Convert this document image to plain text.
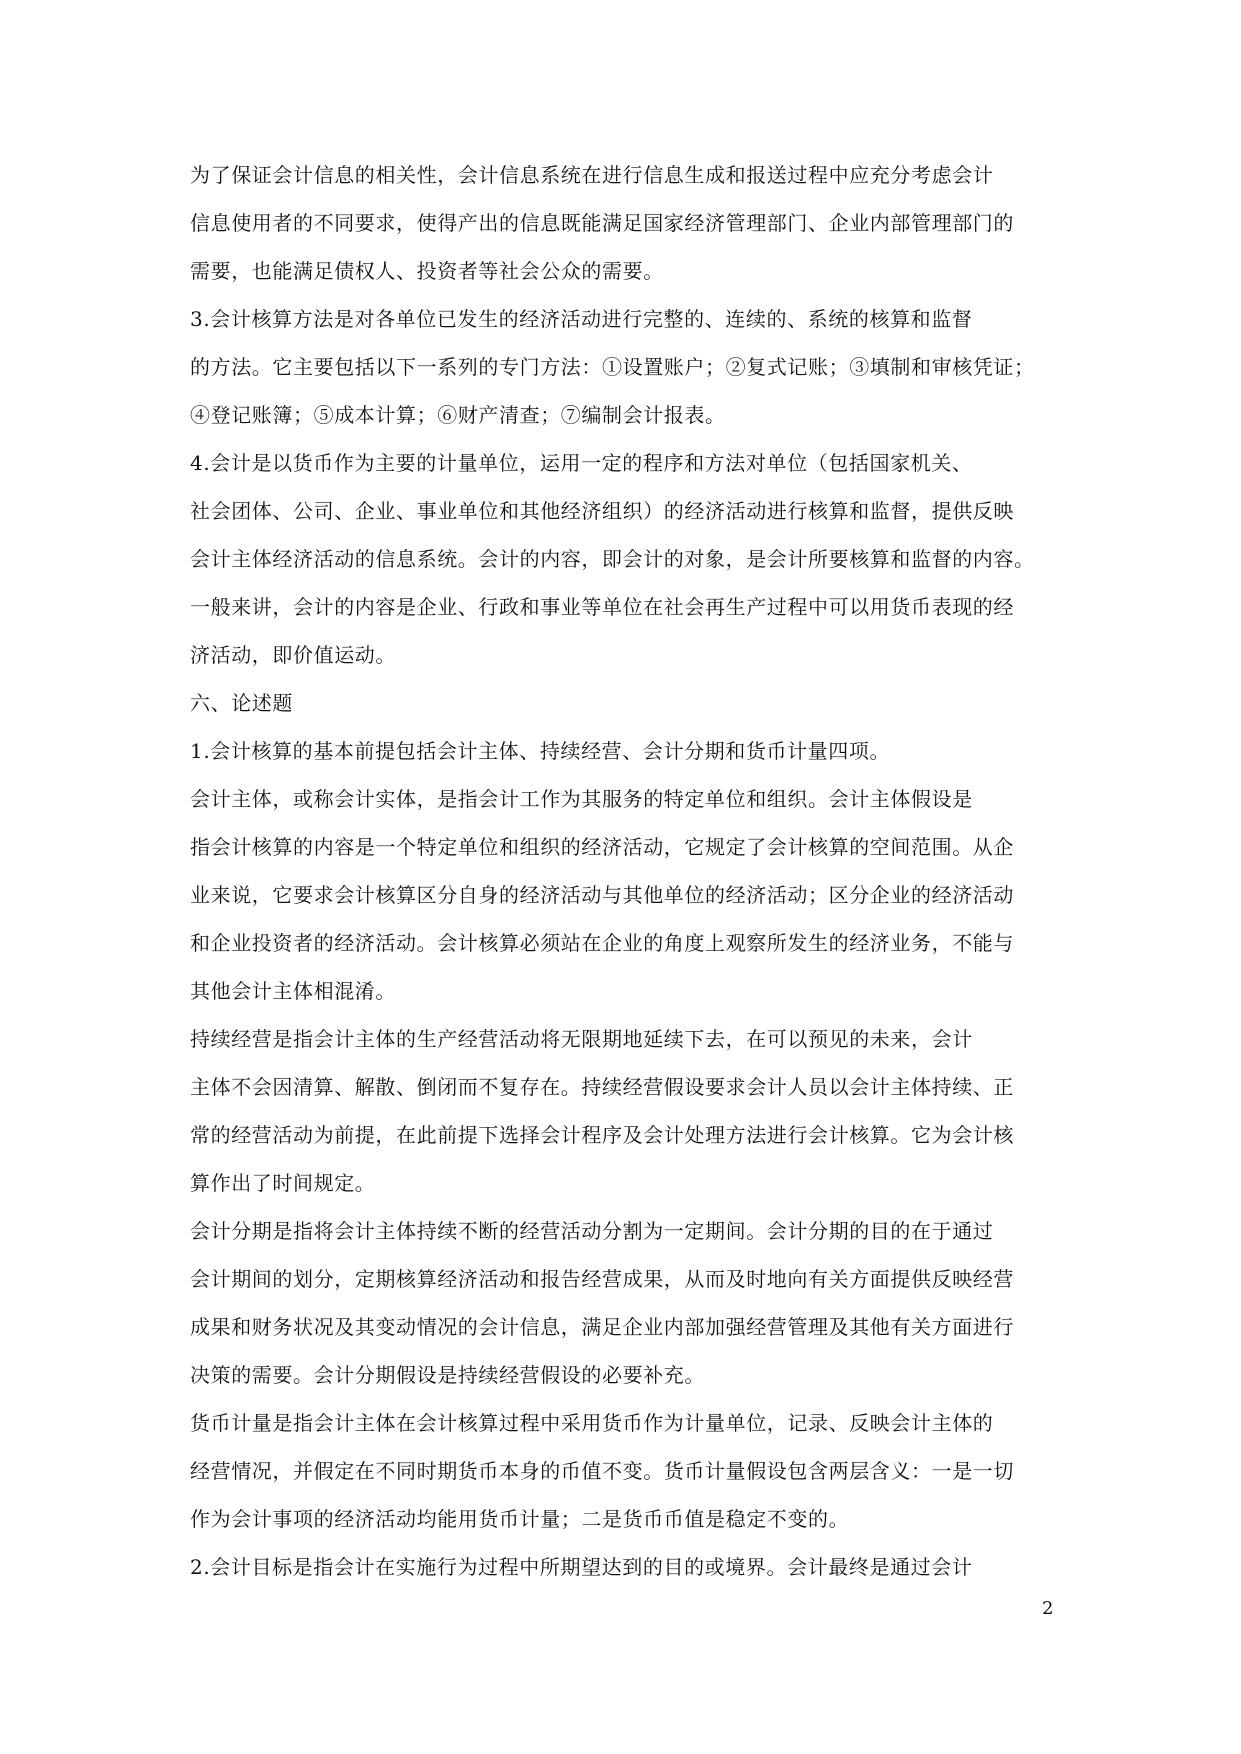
为了保证会计信息的相关性，会计信息系统在进行信息生成和报送过程中应充分考虑会计
信息使用者的不同要求，使得产出的信息既能满足国家经济管理部门、企业内部管理部门的
需要，也能满足债权人、投资者等社会公众的需要。
3.会计核算方法是对各单位已发生的经济活动进行完整的、连续的、系统的核算和监督
的方法。它主要包括以下一系列的专门方法：①设置账户；②复式记账；③填制和审核凭证；
④登记账簿；⑤成本计算；⑥财产清查；⑦编制会计报表。
4.会计是以货币作为主要的计量单位，运用一定的程序和方法对单位（包括国家机关、
社会团体、公司、企业、事业单位和其他经济组织）的经济活动进行核算和监督，提供反映
会计主体经济活动的信息系统。会计的内容，即会计的对象，是会计所要核算和监督的内容。
一般来讲，会计的内容是企业、行政和事业等单位在社会再生产过程中可以用货币表现的经
济活动，即价值运动。
六、论述题
1.会计核算的基本前提包括会计主体、持续经营、会计分期和货币计量四项。
会计主体，或称会计实体，是指会计工作为其服务的特定单位和组织。会计主体假设是
指会计核算的内容是一个特定单位和组织的经济活动，它规定了会计核算的空间范围。从企
业来说，它要求会计核算区分自身的经济活动与其他单位的经济活动；区分企业的经济活动
和企业投资者的经济活动。会计核算必须站在企业的角度上观察所发生的经济业务，不能与
其他会计主体相混淆。
持续经营是指会计主体的生产经营活动将无限期地延续下去，在可以预见的未来，会计
主体不会因清算、解散、倒闭而不复存在。持续经营假设要求会计人员以会计主体持续、正
常的经营活动为前提，在此前提下选择会计程序及会计处理方法进行会计核算。它为会计核
算作出了时间规定。
会计分期是指将会计主体持续不断的经营活动分割为一定期间。会计分期的目的在于通过
会计期间的划分，定期核算经济活动和报告经营成果，从而及时地向有关方面提供反映经营
成果和财务状况及其变动情况的会计信息，满足企业内部加强经营管理及其他有关方面进行
决策的需要。会计分期假设是持续经营假设的必要补充。
货币计量是指会计主体在会计核算过程中采用货币作为计量单位，记录、反映会计主体的
经营情况，并假定在不同时期货币本身的币值不变。货币计量假设包含两层含义：一是一切
作为会计事项的经济活动均能用货币计量；二是货币币值是稳定不变的。
2.会计目标是指会计在实施行为过程中所期望达到的目的或境界。会计最终是通过会计
2
